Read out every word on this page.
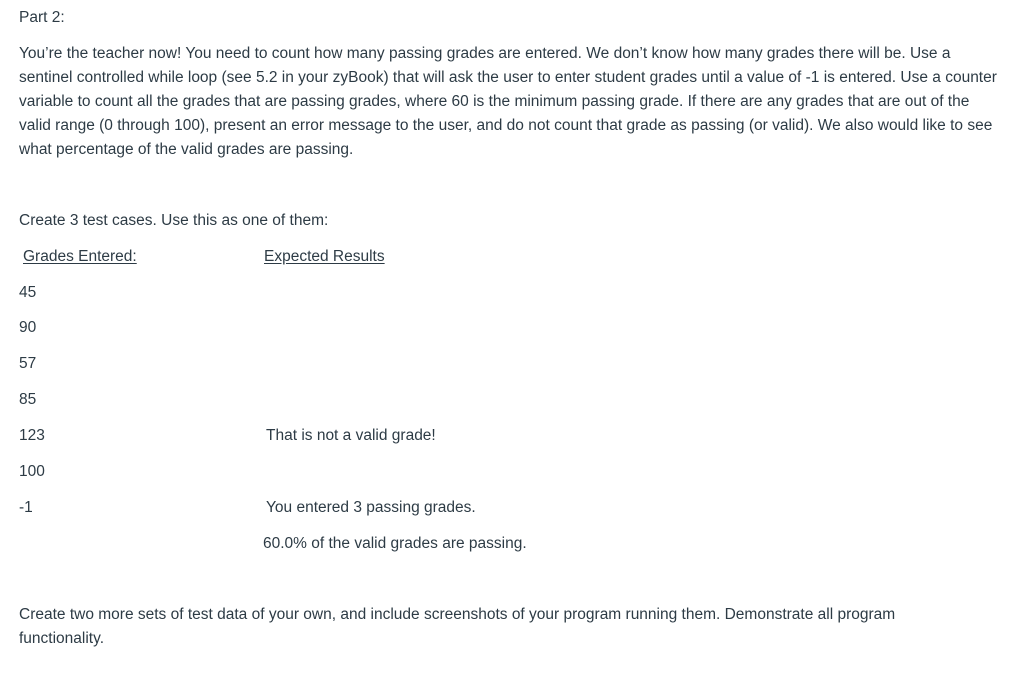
Part 2:

You’re the teacher now! You need to count how many passing grades are entered. We don’t know how many grades there will be. Use a sentinel controlled while loop (see 5.2 in your zyBook) that will ask the user to enter student grades until a value of -1 is entered. Use a counter variable to count all the grades that are passing grades, where 60 is the minimum passing grade. If there are any grades that are out of the valid range (0 through 100), present an error message to the user, and do not count that grade as passing (or valid). We also would like to see what percentage of the valid grades are passing.

Create 3 test cases. Use this as one of them:
Grades Entered:	Expected Results
45
90
57
85
123
100
-1
That is not a valid grade!
You entered 3 passing grades.
60.0% of the valid grades are passing.

Create two more sets of test data of your own, and include screenshots of your program running them. Demonstrate all program functionality.
